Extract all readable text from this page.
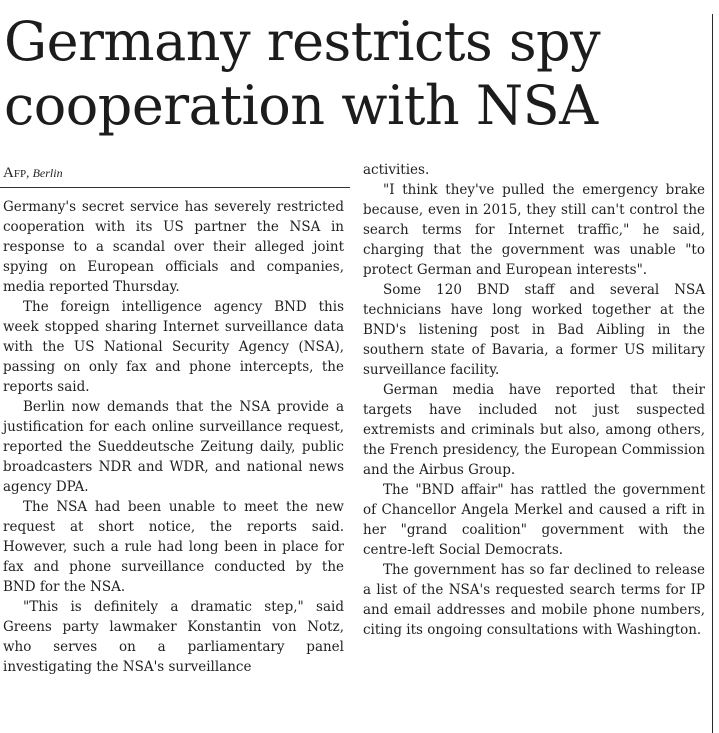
Germany restricts spy cooperation with NSA
Afp, Berlin

Germany's secret service has severely restricted cooperation with its US partner the NSA in response to a scandal over their alleged joint spying on European officials and companies, media reported Thursday.

The foreign intelligence agency BND this week stopped sharing Internet surveillance data with the US National Security Agency (NSA), passing on only fax and phone intercepts, the reports said.

Berlin now demands that the NSA provide a justification for each online surveillance request, reported the Sueddeutsche Zeitung daily, public broadcasters NDR and WDR, and national news agency DPA.

The NSA had been unable to meet the new request at short notice, the reports said. However, such a rule had long been in place for fax and phone surveillance conducted by the BND for the NSA.

"This is definitely a dramatic step," said Greens party lawmaker Konstantin von Notz, who serves on a parliamentary panel investigating the NSA's surveillance

activities.

"I think they've pulled the emergency brake because, even in 2015, they still can't control the search terms for Internet traffic," he said, charging that the government was unable "to protect German and European interests".

Some 120 BND staff and several NSA technicians have long worked together at the BND's listening post in Bad Aibling in the southern state of Bavaria, a former US military surveillance facility.

German media have reported that their targets have included not just suspected extremists and criminals but also, among others, the French presidency, the European Commission and the Airbus Group.

The "BND affair" has rattled the government of Chancellor Angela Merkel and caused a rift in her "grand coalition" government with the centre-left Social Democrats.

The government has so far declined to release a list of the NSA's requested search terms for IP and email addresses and mobile phone numbers, citing its ongoing consultations with Washington.
